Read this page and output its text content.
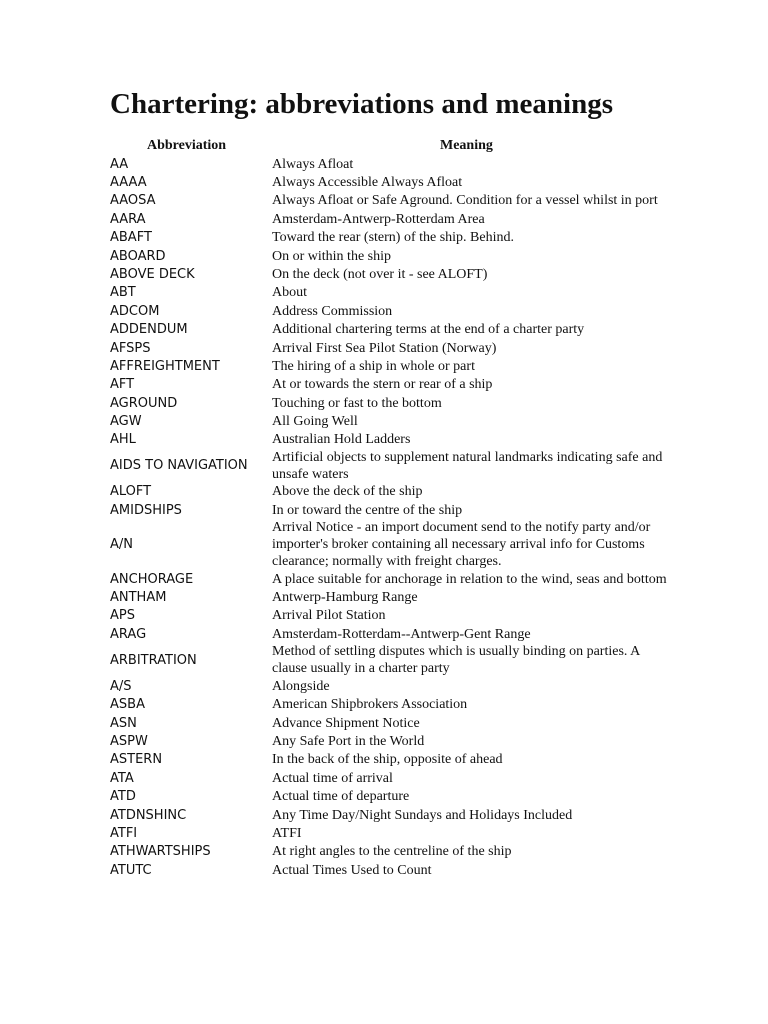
Chartering: abbreviations and meanings
Abbreviation	Meaning
AA	Always Afloat
AAAA	Always Accessible Always Afloat
AAOSA	Always Afloat or Safe Aground. Condition for a vessel whilst in port
AARA	Amsterdam-Antwerp-Rotterdam Area
ABAFT	Toward the rear (stern) of the ship. Behind.
ABOARD	On or within the ship
ABOVE DECK	On the deck (not over it - see ALOFT)
ABT	About
ADCOM	Address Commission
ADDENDUM	Additional chartering terms at the end of a charter party
AFSPS	Arrival First Sea Pilot Station (Norway)
AFFREIGHTMENT	The hiring of a ship in whole or part
AFT	At or towards the stern or rear of a ship
AGROUND	Touching or fast to the bottom
AGW	All Going Well
AHL	Australian Hold Ladders
AIDS TO NAVIGATION	Artificial objects to supplement natural landmarks indicating safe and unsafe waters
ALOFT	Above the deck of the ship
AMIDSHIPS	In or toward the centre of the ship
A/N	Arrival Notice - an import document send to the notify party and/or importer's broker containing all necessary arrival info for Customs clearance; normally with freight charges.
ANCHORAGE	A place suitable for anchorage in relation to the wind, seas and bottom
ANTHAM	Antwerp-Hamburg Range
APS	Arrival Pilot Station
ARAG	Amsterdam-Rotterdam--Antwerp-Gent Range
ARBITRATION	Method of settling disputes which is usually binding on parties. A clause usually in a charter party
A/S	Alongside
ASBA	American Shipbrokers Association
ASN	Advance Shipment Notice
ASPW	Any Safe Port in the World
ASTERN	In the back of the ship, opposite of ahead
ATA	Actual time of arrival
ATD	Actual time of departure
ATDNSHINC	Any Time Day/Night Sundays and Holidays Included
ATFI	ATFI
ATHWARTSHIPS	At right angles to the centreline of the ship
ATUTC	Actual Times Used to Count
